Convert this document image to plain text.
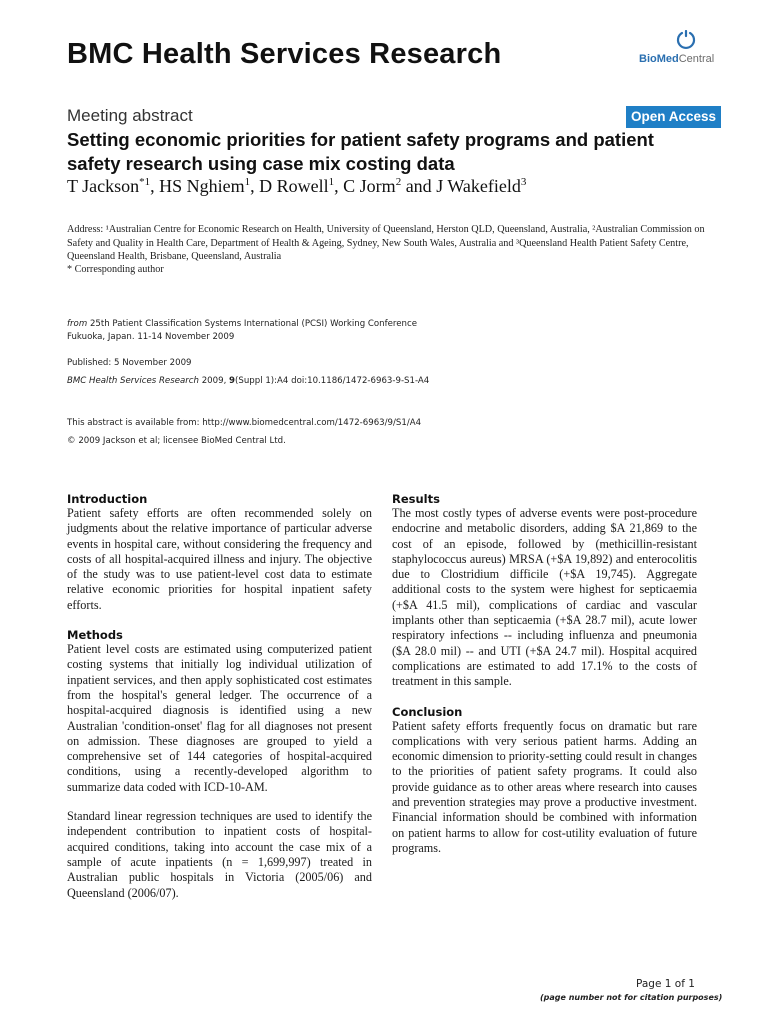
BMC Health Services Research	BioMedCentral
Meeting abstract	Open Access
Setting economic priorities for patient safety programs and patient safety research using case mix costing data
T Jackson$^{*1}$, HS Nghiem$^1$, D Rowell$^1$, C Jorm$^2$ and J Wakefield$^3$
Address: ¹Australian Centre for Economic Research on Health, University of Queensland, Herston QLD, Queensland, Australia, ²Australian Commission on Safety and Quality in Health Care, Department of Health & Ageing, Sydney, New South Wales, Australia and ³Queensland Health Patient Safety Centre, Queensland Health, Brisbane, Queensland, Australia
* Corresponding author
from 25th Patient Classification Systems International (PCSI) Working Conference
Fukuoka, Japan. 11-14 November 2009
Published: 5 November 2009
BMC Health Services Research 2009, 9(Suppl 1):A4 doi:10.1186/1472-6963-9-S1-A4
This abstract is available from: http://www.biomedcentral.com/1472-6963/9/S1/A4
© 2009 Jackson et al; licensee BioMed Central Ltd.
Introduction

Patient safety efforts are often recommended solely on judgments about the relative importance of particular adverse events in hospital care, without considering the frequency and costs of all hospital-acquired illness and injury. The objective of the study was to use patient-level cost data to estimate relative economic priorities for hospital inpatient safety efforts.

Methods

Patient level costs are estimated using computerized patient costing systems that initially log individual utilization of inpatient services, and then apply sophisticated cost estimates from the hospital's general ledger. The occurrence of a hospital-acquired diagnosis is identified using a new Australian 'condition-onset' flag for all diagnoses not present on admission. These diagnoses are grouped to yield a comprehensive set of 144 categories of hospital-acquired conditions, using a recently-developed algorithm to summarize data coded with ICD-10-AM.

Standard linear regression techniques are used to identify the independent contribution to inpatient costs of hospital-acquired conditions, taking into account the case mix of a sample of acute inpatients (n = 1,699,997) treated in Australian public hospitals in Victoria (2005/06) and Queensland (2006/07).

Results

The most costly types of adverse events were post-procedure endocrine and metabolic disorders, adding $A 21,869 to the cost of an episode, followed by (methicillin-resistant staphylococcus aureus) MRSA (+$A 19,892) and enterocolitis due to Clostridium difficile (+$A 19,745). Aggregate additional costs to the system were highest for septicaemia (+$A 41.5 mil), complications of cardiac and vascular implants other than septicaemia (+$A 28.7 mil), acute lower respiratory infections -- including influenza and pneumonia ($A 28.0 mil) -- and UTI (+$A 24.7 mil). Hospital acquired complications are estimated to add 17.1% to the costs of treatment in this sample.

Conclusion

Patient safety efforts frequently focus on dramatic but rare complications with very serious patient harms. Adding an economic dimension to priority-setting could result in changes to the priorities of patient safety programs. It could also provide guidance as to other areas where research into causes and prevention strategies may prove a productive investment. Financial information should be combined with information on patient harms to allow for cost-utility evaluation of future programs.

Page 1 of 1
(page number not for citation purposes)
